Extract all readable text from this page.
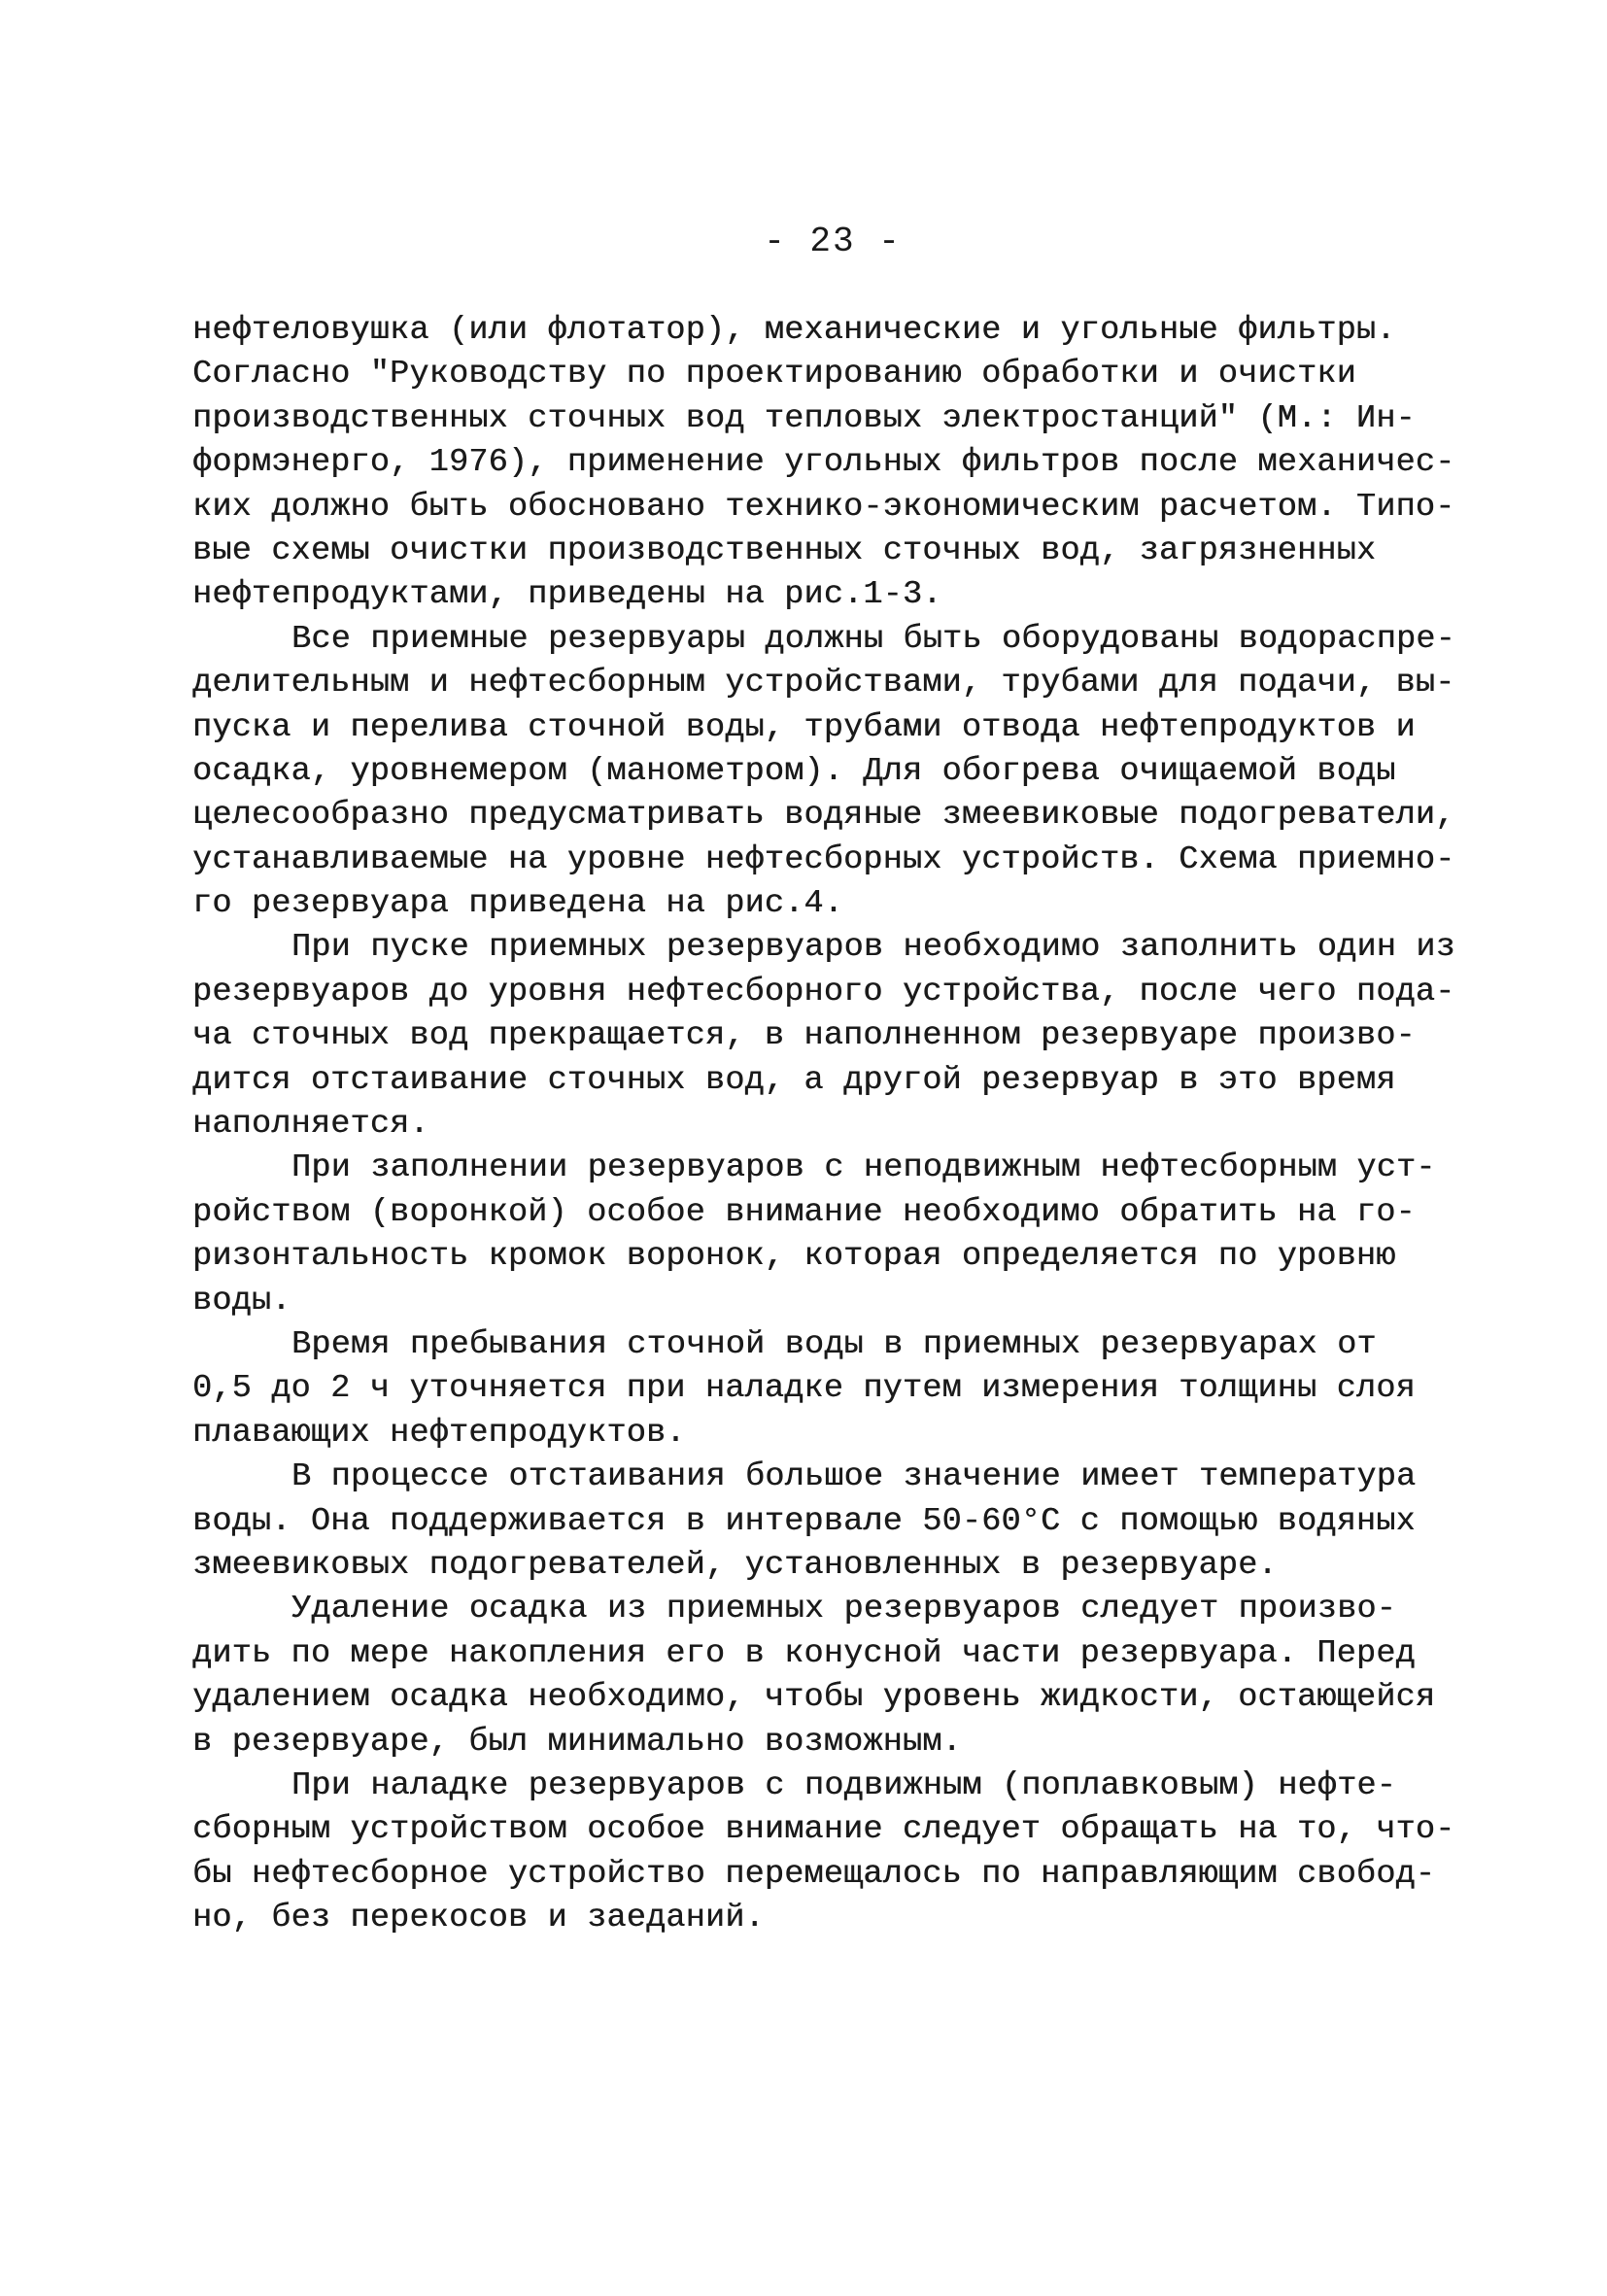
- 23 -
нефтеловушка (или флотатор), механические и угольные фильтры.
Согласно "Руководству по проектированию обработки и очистки
производственных сточных вод тепловых электростанций" (М.: Ин-
формэнерго, 1976), применение угольных фильтров после механичес-
ких должно быть обосновано технико-экономическим расчетом. Типо-
вые схемы очистки производственных сточных вод, загрязненных
нефтепродуктами, приведены на рис.1-3.
Все приемные резервуары должны быть оборудованы водораспре-
делительным и нефтесборным устройствами, трубами для подачи, вы-
пуска и перелива сточной воды, трубами отвода нефтепродуктов и
осадка, уровнемером (манометром). Для обогрева очищаемой воды
целесообразно предусматривать водяные змеевиковые подогреватели,
устанавливаемые на уровне нефтесборных устройств. Схема приемно-
го резервуара приведена на рис.4.
При пуске приемных резервуаров необходимо заполнить один из
резервуаров до уровня нефтесборного устройства, после чего пода-
ча сточных вод прекращается, в наполненном резервуаре произво-
дится отстаивание сточных вод, а другой резервуар в это время
наполняется.
При заполнении резервуаров с неподвижным нефтесборным уст-
ройством (воронкой) особое внимание необходимо обратить на го-
ризонтальность кромок воронок, которая определяется по уровню
воды.
Время пребывания сточной воды в приемных резервуарах от
0,5 до 2 ч уточняется при наладке путем измерения толщины слоя
плавающих нефтепродуктов.
В процессе отстаивания большое значение имеет температура
воды. Она поддерживается в интервале 50-60°С с помощью водяных
змеевиковых подогревателей, установленных в резервуаре.
Удаление осадка из приемных резервуаров следует произво-
дить по мере накопления его в конусной части резервуара. Перед
удалением осадка необходимо, чтобы уровень жидкости, остающейся
в резервуаре, был минимально возможным.
При наладке резервуаров с подвижным (поплавковым) нефте-
сборным устройством особое внимание следует обращать на то, что-
бы нефтесборное устройство перемещалось по направляющим свобод-
но, без перекосов и заеданий.
